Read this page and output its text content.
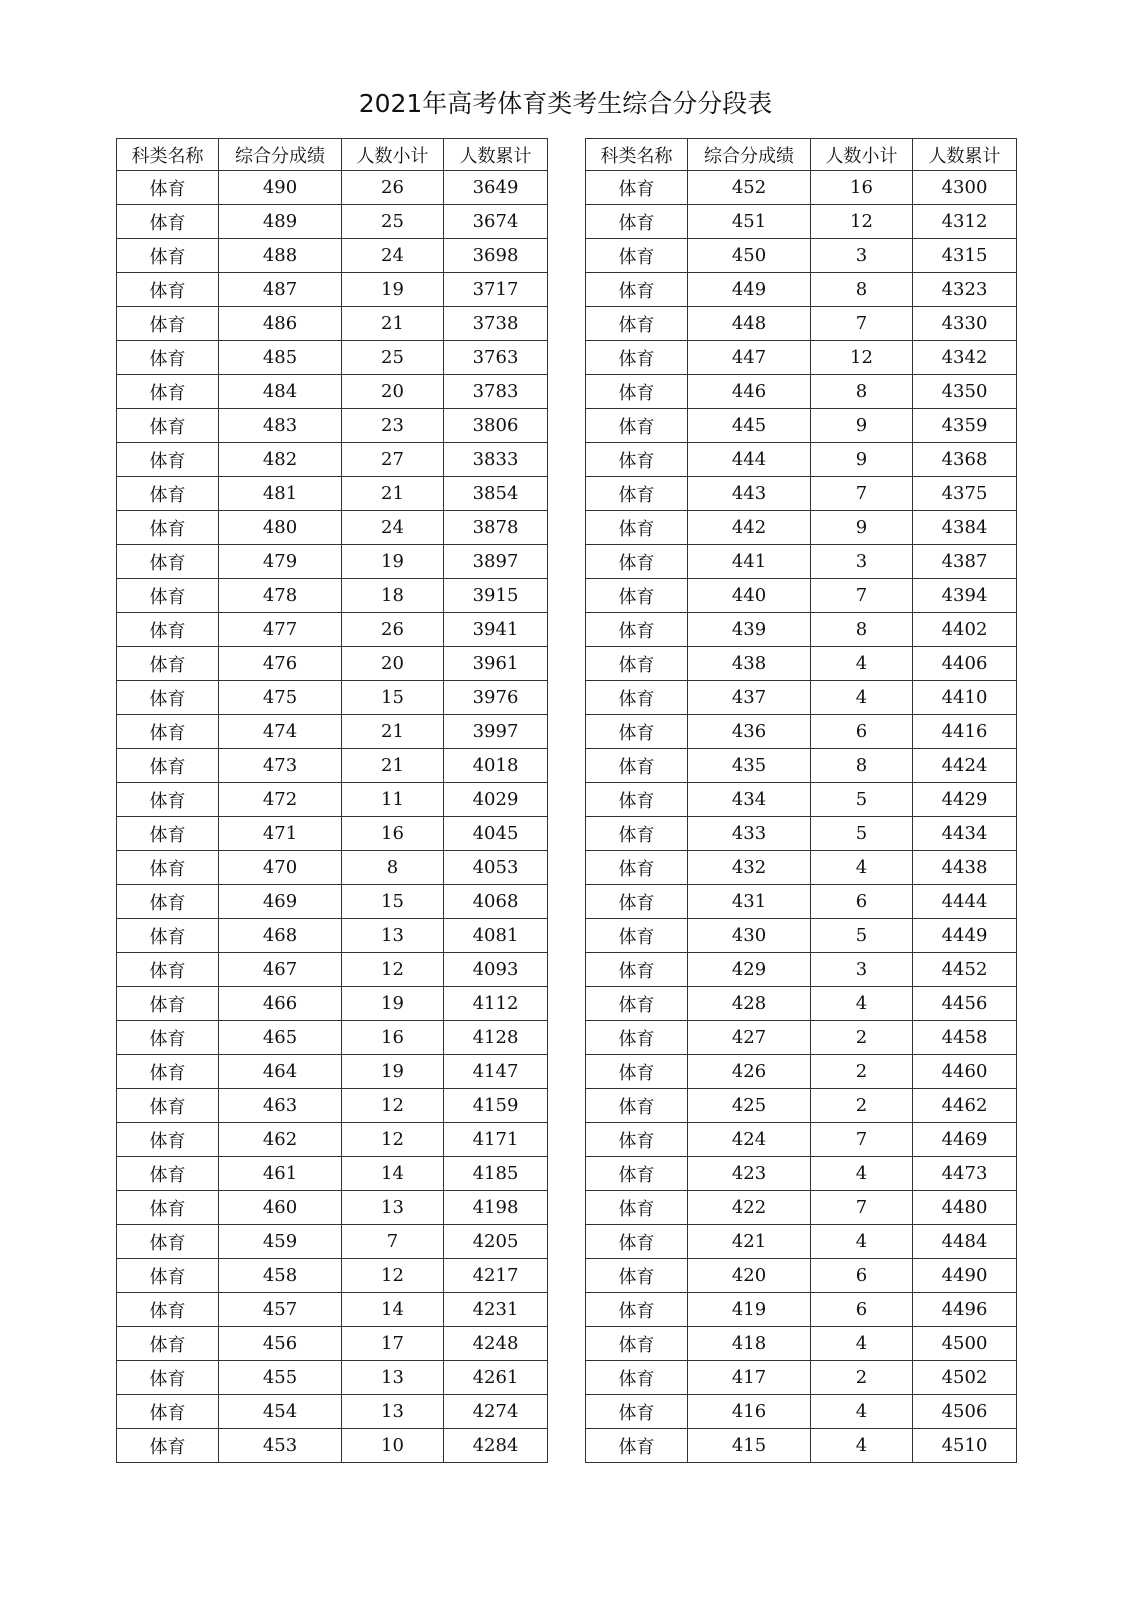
2021年高考体育类考生综合分分段表
科类名称	综合分成绩	人数小计	人数累计
体育	490	26	3649
体育	489	25	3674
体育	488	24	3698
体育	487	19	3717
体育	486	21	3738
体育	485	25	3763
体育	484	20	3783
体育	483	23	3806
体育	482	27	3833
体育	481	21	3854
体育	480	24	3878
体育	479	19	3897
体育	478	18	3915
体育	477	26	3941
体育	476	20	3961
体育	475	15	3976
体育	474	21	3997
体育	473	21	4018
体育	472	11	4029
体育	471	16	4045
体育	470	8	4053
体育	469	15	4068
体育	468	13	4081
体育	467	12	4093
体育	466	19	4112
体育	465	16	4128
体育	464	19	4147
体育	463	12	4159
体育	462	12	4171
体育	461	14	4185
体育	460	13	4198
体育	459	7	4205
体育	458	12	4217
体育	457	14	4231
体育	456	17	4248
体育	455	13	4261
体育	454	13	4274
体育	453	10	4284
科类名称	综合分成绩	人数小计	人数累计
体育	452	16	4300
体育	451	12	4312
体育	450	3	4315
体育	449	8	4323
体育	448	7	4330
体育	447	12	4342
体育	446	8	4350
体育	445	9	4359
体育	444	9	4368
体育	443	7	4375
体育	442	9	4384
体育	441	3	4387
体育	440	7	4394
体育	439	8	4402
体育	438	4	4406
体育	437	4	4410
体育	436	6	4416
体育	435	8	4424
体育	434	5	4429
体育	433	5	4434
体育	432	4	4438
体育	431	6	4444
体育	430	5	4449
体育	429	3	4452
体育	428	4	4456
体育	427	2	4458
体育	426	2	4460
体育	425	2	4462
体育	424	7	4469
体育	423	4	4473
体育	422	7	4480
体育	421	4	4484
体育	420	6	4490
体育	419	6	4496
体育	418	4	4500
体育	417	2	4502
体育	416	4	4506
体育	415	4	4510
